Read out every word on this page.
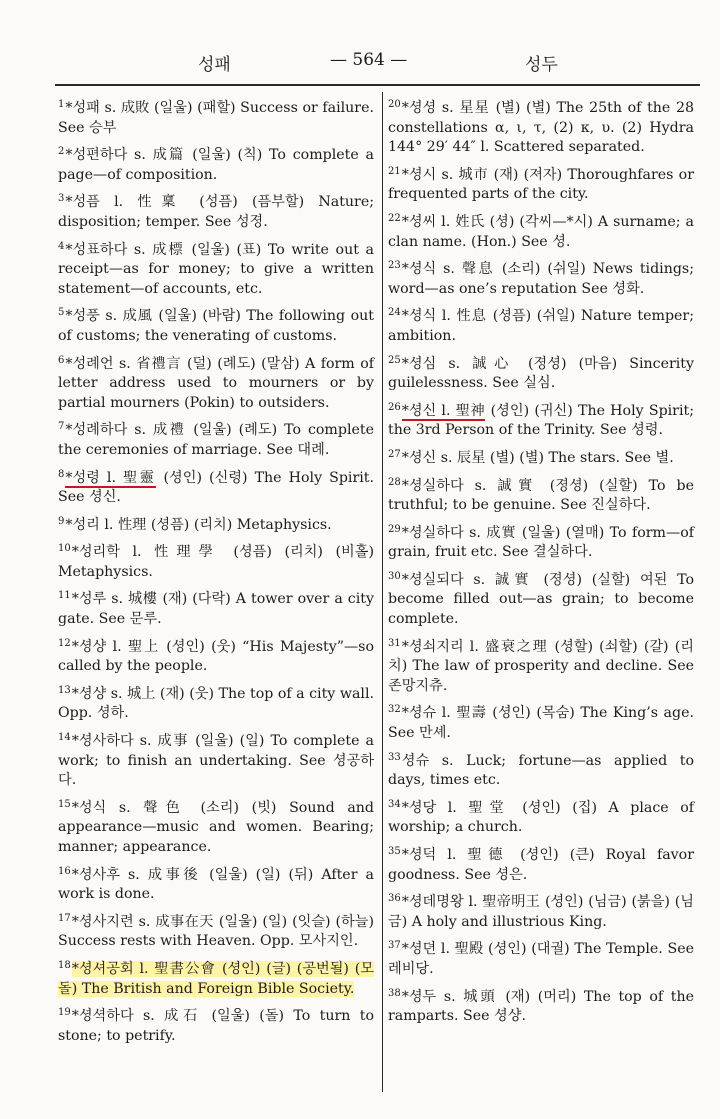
성패	— 564 —	성두
$^1$*성패 s. 成敗 (일울) (패할) Success or failure. See 승부
$^2$*성편하다 s. 成篇 (일울) (칙) To complete a page—of composition.
$^3$*성픔 l. 性稟 (성픔) (픔부할) Nature; disposition; temper. See 성졍.
$^4$*성표하다 s. 成標 (일울) (표) To write out a receipt—as for money; to give a written statement—of accounts, etc.
$^5$*성풍 s. 成風 (일울) (바람) The following out of customs; the venerating of customs.
$^6$*성례언 s. 省禮言 (덜) (례도) (말삼) A form of letter address used to mourners or by partial mourners (Pokin) to outsiders.
$^7$*성례하다 s. 成禮 (일울) (례도) To complete the ceremonies of marriage. See 대례.
$^8$*성령 l. 聖靈 (셩인) (신령) The Holy Spirit. See 셩신.
$^9$*성리 l. 性理 (셩픔) (리치) Metaphysics.
$^{10}$*성리학 l. 性理學 (셩픔) (리치) (비홀) Metaphysics.
$^{11}$*성루 s. 城樓 (재) (다락) A tower over a city gate. See 문루.
$^{12}$*셩샹 l. 聖上 (셩인) (웃) “His Majesty”—so called by the people.
$^{13}$*셩샹 s. 城上 (재) (웃) The top of a city wall. Opp. 셩하.
$^{14}$*셩사하다 s. 成事 (일울) (일) To complete a work; to finish an undertaking. See 셩공하다.
$^{15}$*성식 s. 聲色 (소리) (빗) Sound and appearance—music and women. Bearing; manner; appearance.
$^{16}$*셩사후 s. 成事後 (일울) (일) (뒤) After a work is done.
$^{17}$*셩사지련 s. 成事在天 (일울) (일) (잇슬) (하늘) Success rests with Heaven. Opp. 모사지인.
$^{18}$*셩셔공회 l. 聖書公會 (셩인) (글) (공번될) (모돌) The British and Foreign Bible Society.
$^{19}$*셩셕하다 s. 成石 (일울) (돌) To turn to stone; to petrify.
$^{20}$*셩셩 s. 星星 (별) (별) The 25th of the 28 constellations α, ι, τ, (2) κ, υ. (2) Hydra 144° 29′ 44″ l. Scattered separated.
$^{21}$*셩시 s. 城市 (재) (져자) Thoroughfares or frequented parts of the city.
$^{22}$*셩씨 l. 姓氏 (셩) (각씨—*시) A surname; a clan name. (Hon.) See 셩.
$^{23}$*셩식 s. 聲息 (소리) (쉬일) News tidings; word—as one’s reputation See 셩화.
$^{24}$*셩식 l. 性息 (셩픔) (쉬일) Nature temper; ambition.
$^{25}$*셩심 s. 誠心 (졍셩) (마음) Sincerity guilelessness. See 실심.
$^{26}$*셩신 l. 聖神 (셩인) (귀신) The Holy Spirit; the 3rd Person of the Trinity. See 셩령.
$^{27}$*셩신 s. 辰星 (별) (별) The stars. See 별.
$^{28}$*셩실하다 s. 誠實 (졍셩) (실할) To be truthful; to be genuine. See 진실하다.
$^{29}$*셩실하다 s. 成實 (일울) (열매) To form—of grain, fruit etc. See 결실하다.
$^{30}$*셩실되다 s. 誠實 (졍셩) (실할) 여된 To become filled out—as grain; to become complete.
$^{31}$*셩쇠지리 l. 盛衰之理 (셩할) (쇠할) (갈) (리치) The law of prosperity and decline. See 존망지츄.
$^{32}$*셩슈 l. 聖壽 (셩인) (목숨) The King’s age. See 만셰.
$^{33}$셩슈 s. Luck; fortune—as applied to days, times etc.
$^{34}$*셩당 l. 聖堂 (셩인) (집) A place of worship; a church.
$^{35}$*셩덕 l. 聖德 (셩인) (큰) Royal favor goodness. See 셩은.
$^{36}$*셩데명왕 l. 聖帝明王 (셩인) (님금) (붉을) (님금) A holy and illustrious King.
$^{37}$*셩뎐 l. 聖殿 (셩인) (대궐) The Temple. See 레비당.
$^{38}$*셩두 s. 城頭 (재) (머리) The top of the ramparts. See 셩샹.
